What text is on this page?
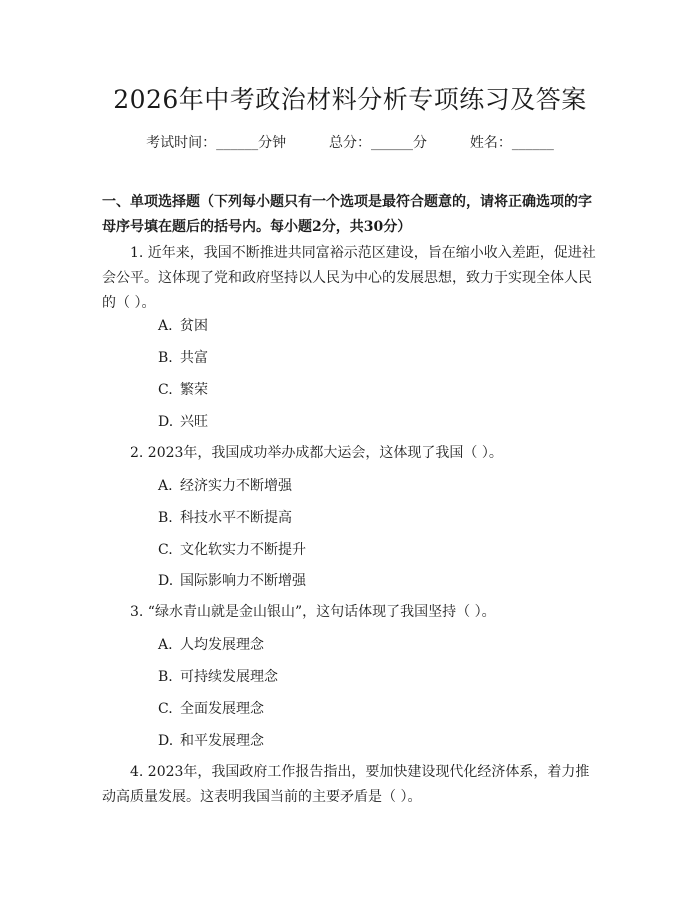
2026年中考政治材料分析专项练习及答案
考试时间：______分钟	总分：______分	姓名：______

一、单项选择题（下列每小题只有一个选项是最符合题意的，请将正确选项的字母序号填在题后的括号内。每小题2分，共30分）

1. 近年来，我国不断推进共同富裕示范区建设，旨在缩小收入差距，促进社会公平。这体现了党和政府坚持以人民为中心的发展思想，致力于实现全体人民的（ ）。

A. 贫困
B. 共富
C. 繁荣
D. 兴旺

2. 2023年，我国成功举办成都大运会，这体现了我国（ ）。

A. 经济实力不断增强
B. 科技水平不断提高
C. 文化软实力不断提升
D. 国际影响力不断增强

3. “绿水青山就是金山银山”，这句话体现了我国坚持（ ）。

A. 人均发展理念
B. 可持续发展理念
C. 全面发展理念
D. 和平发展理念

4. 2023年，我国政府工作报告指出，要加快建设现代化经济体系，着力推动高质量发展。这表明我国当前的主要矛盾是（ ）。
